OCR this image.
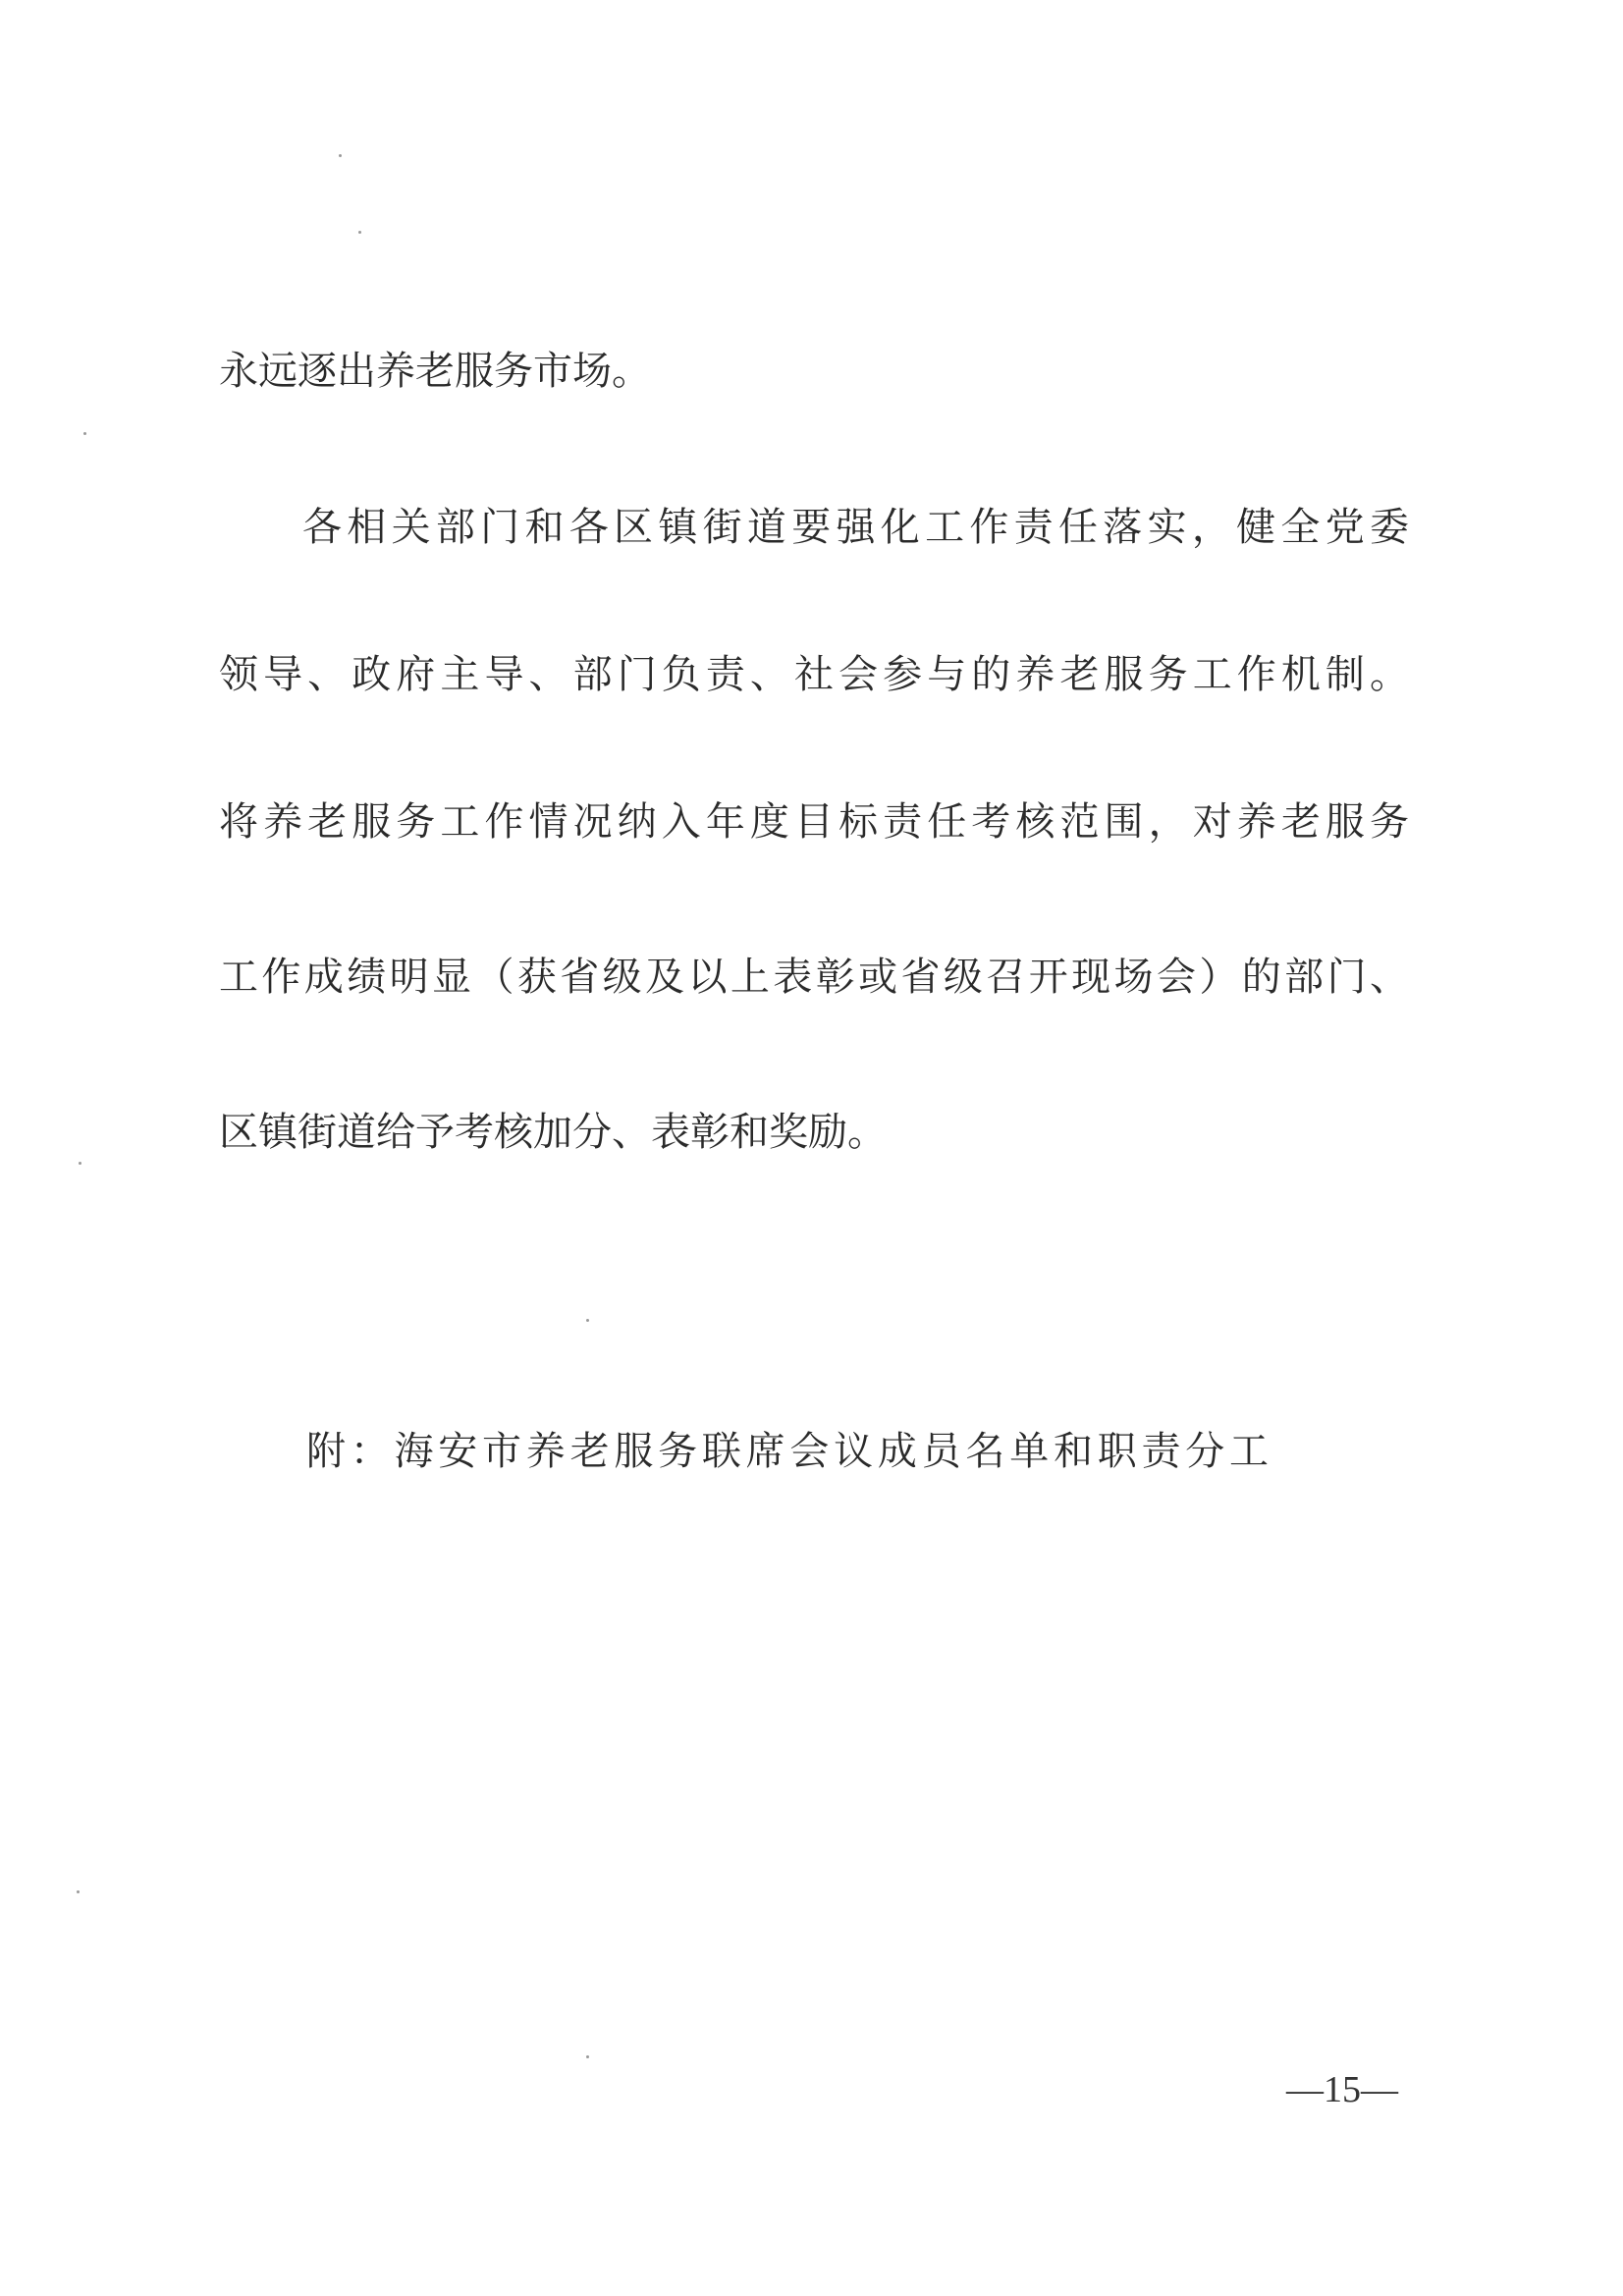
永远逐出养老服务市场。
各相关部门和各区镇街道要强化工作责任落实，健全党委
领导、政府主导、部门负责、社会参与的养老服务工作机制。
将养老服务工作情况纳入年度目标责任考核范围，对养老服务
工作成绩明显（获省级及以上表彰或省级召开现场会）的部门、
区镇街道给予考核加分、表彰和奖励。
附：海安市养老服务联席会议成员名单和职责分工
—15—
